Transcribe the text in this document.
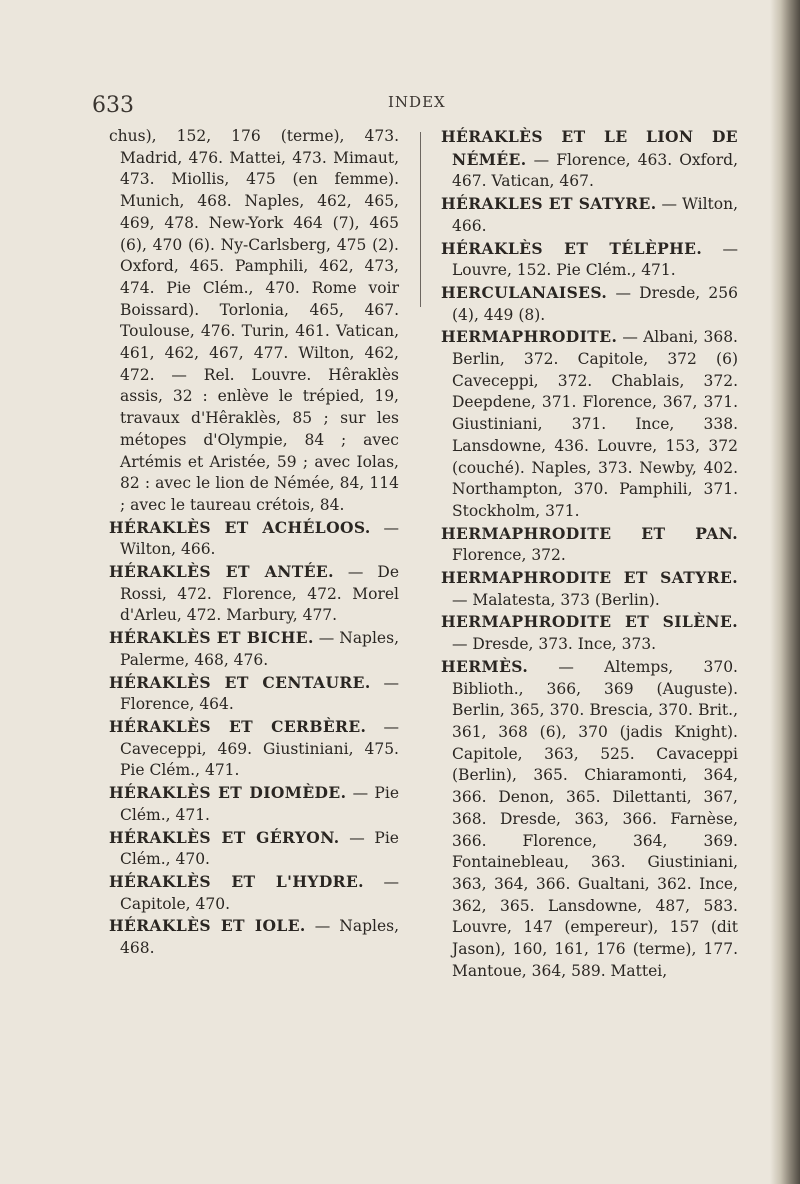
633	INDEX

chus), 152, 176 (terme), 473. Madrid, 476. Mattei, 473. Mimaut, 473. Miollis, 475 (en femme). Munich, 468. Naples, 462, 465, 469, 478. New-York 464 (7), 465 (6), 470 (6). Ny-Carlsberg, 475 (2). Oxford, 465. Pamphili, 462, 473, 474. Pie Clém., 470. Rome voir Boissard). Torlonia, 465, 467. Toulouse, 476. Turin, 461. Vatican, 461, 462, 467, 477. Wilton, 462, 472. — Rel. Louvre. Hêraklès assis, 32 : enlève le trépied, 19, travaux d'Hêraklès, 85 ; sur les métopes d'Olympie, 84 ; avec Artémis et Aristée, 59 ; avec Iolas, 82 : avec le lion de Némée, 84, 114 ; avec le taureau crétois, 84.

HÉRAKLÈS ET ACHÉLOOS. — Wilton, 466.

HÉRAKLÈS ET ANTÉE. — De Rossi, 472. Florence, 472. Morel d'Arleu, 472. Marbury, 477.

HÉRAKLÈS ET BICHE. — Naples, Palerme, 468, 476.

HÉRAKLÈS ET CENTAURE. — Florence, 464.

HÉRAKLÈS ET CERBÈRE. — Caveceppi, 469. Giustiniani, 475. Pie Clém., 471.

HÉRAKLÈS ET DIOMÈDE. — Pie Clém., 471.

HÉRAKLÈS ET GÉRYON. — Pie Clém., 470.

HÉRAKLÈS ET L'HYDRE. — Capitole, 470.

HÉRAKLÈS ET IOLE. — Naples, 468.

HÉRAKLÈS ET LE LION DE NÉMÉE. — Florence, 463. Oxford, 467. Vatican, 467.

HÉRAKLES ET SATYRE. — Wilton, 466.

HÉRAKLÈS ET TÉLÈPHE. — Louvre, 152. Pie Clém., 471.

HERCULANAISES. — Dresde, 256 (4), 449 (8).

HERMAPHRODITE. — Albani, 368. Berlin, 372. Capitole, 372 (6) Caveceppi, 372. Chablais, 372. Deepdene, 371. Florence, 367, 371. Giustiniani, 371. Ince, 338. Lansdowne, 436. Louvre, 153, 372 (couché). Naples, 373. Newby, 402. Northampton, 370. Pamphili, 371. Stockholm, 371.

HERMAPHRODITE ET PAN. Florence, 372.

HERMAPHRODITE ET SATYRE. — Malatesta, 373 (Berlin).

HERMAPHRODITE ET SILÈNE. — Dresde, 373. Ince, 373.

HERMÈS. — Altemps, 370. Biblioth., 366, 369 (Auguste). Berlin, 365, 370. Brescia, 370. Brit., 361, 368 (6), 370 (jadis Knight). Capitole, 363, 525. Cavaceppi (Berlin), 365. Chiaramonti, 364, 366. Denon, 365. Dilettanti, 367, 368. Dresde, 363, 366. Farnèse, 366. Florence, 364, 369. Fontainebleau, 363. Giustiniani, 363, 364, 366. Gualtani, 362. Ince, 362, 365. Lansdowne, 487, 583. Louvre, 147 (empereur), 157 (dit Jason), 160, 161, 176 (terme), 177. Mantoue, 364, 589. Mattei,
